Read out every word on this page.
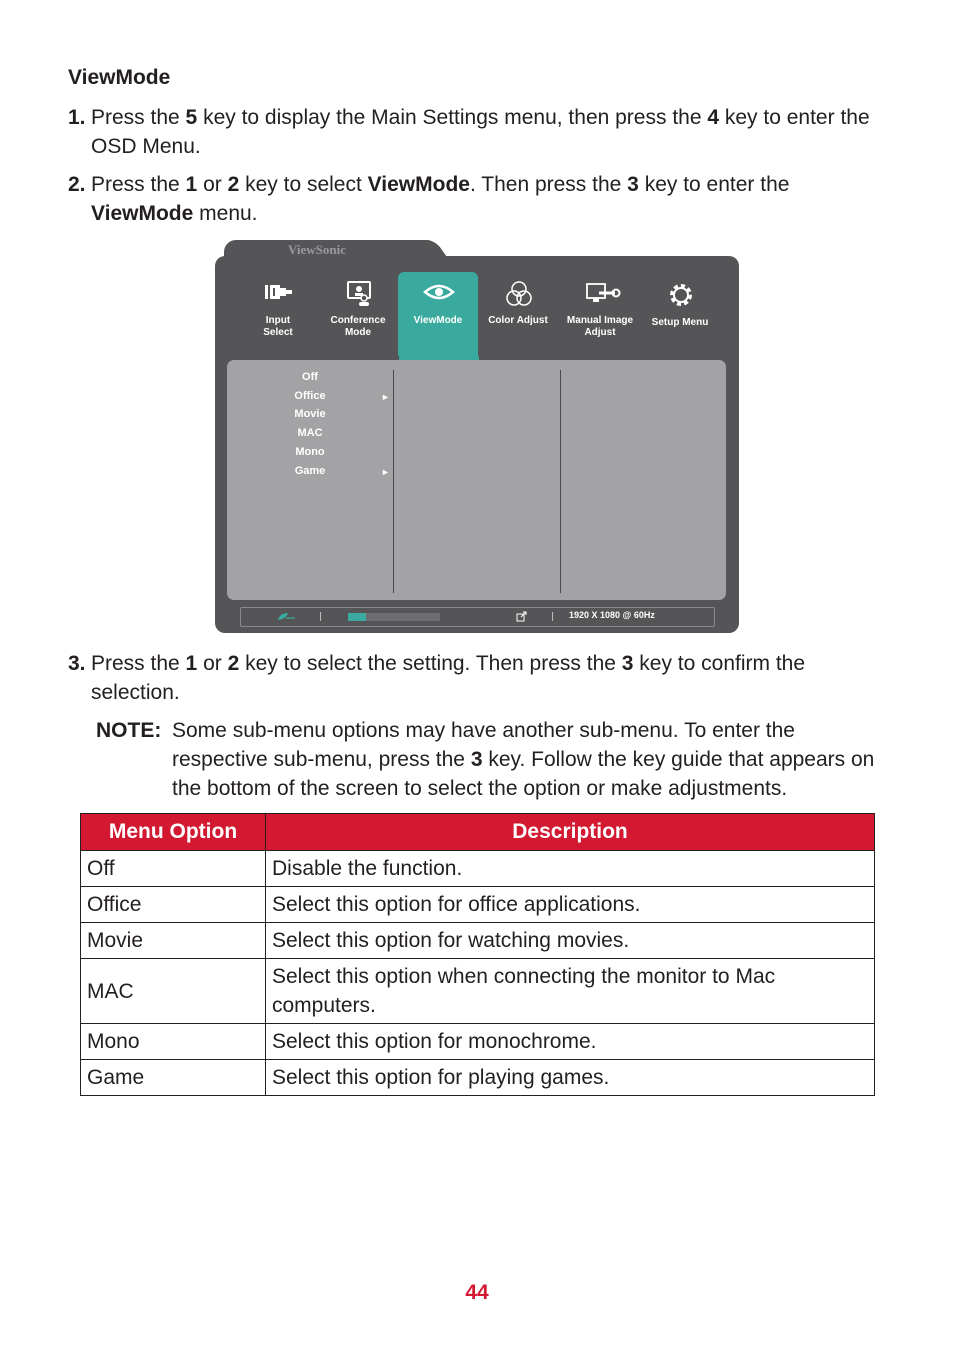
ViewMode
1. Press the 5 key to display the Main Settings menu, then press the 4 key to enter the OSD Menu.
2. Press the 1 or 2 key to select ViewMode. Then press the 3 key to enter the
ViewMode menu.
ViewSonic
Input
Select
Conference
Mode
ViewMode	Color Adjust	Manual Image
Adjust
Setup Menu
Off
Office	►
Movie
MAC
Mono
Game	►
1920 X 1080 @ 60Hz
3. Press the 1 or 2 key to select the setting. Then press the 3 key to confirm the selection.
NOTE: Some sub-menu options may have another sub-menu. To enter the respective sub-menu, press the 3 key. Follow the key guide that appears on the bottom of the screen to select the option or make adjustments.
Menu Option	Description
Off	Disable the function.
Office	Select this option for office applications.
Movie	Select this option for watching movies.
MAC	Select this option when connecting the monitor to Mac computers.
Mono	Select this option for monochrome.
Game	Select this option for playing games.
44
